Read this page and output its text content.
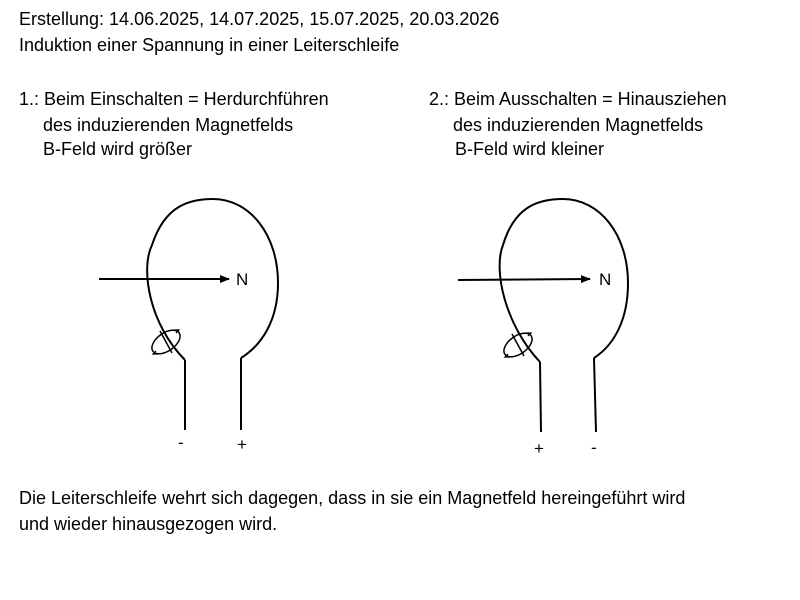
Erstellung: 14.06.2025, 14.07.2025, 15.07.2025, 20.03.2026
Induktion einer Spannung in einer Leiterschleife
1.: Beim Einschalten = Herdurchführen
des induzierenden Magnetfelds
B-Feld wird größer
2.: Beim Ausschalten = Hinausziehen
des induzierenden Magnetfelds
B-Feld wird kleiner
N
-	+
N
+	-
Die Leiterschleife wehrt sich dagegen, dass in sie ein Magnetfeld hereingeführt wird
und wieder hinausgezogen wird.
